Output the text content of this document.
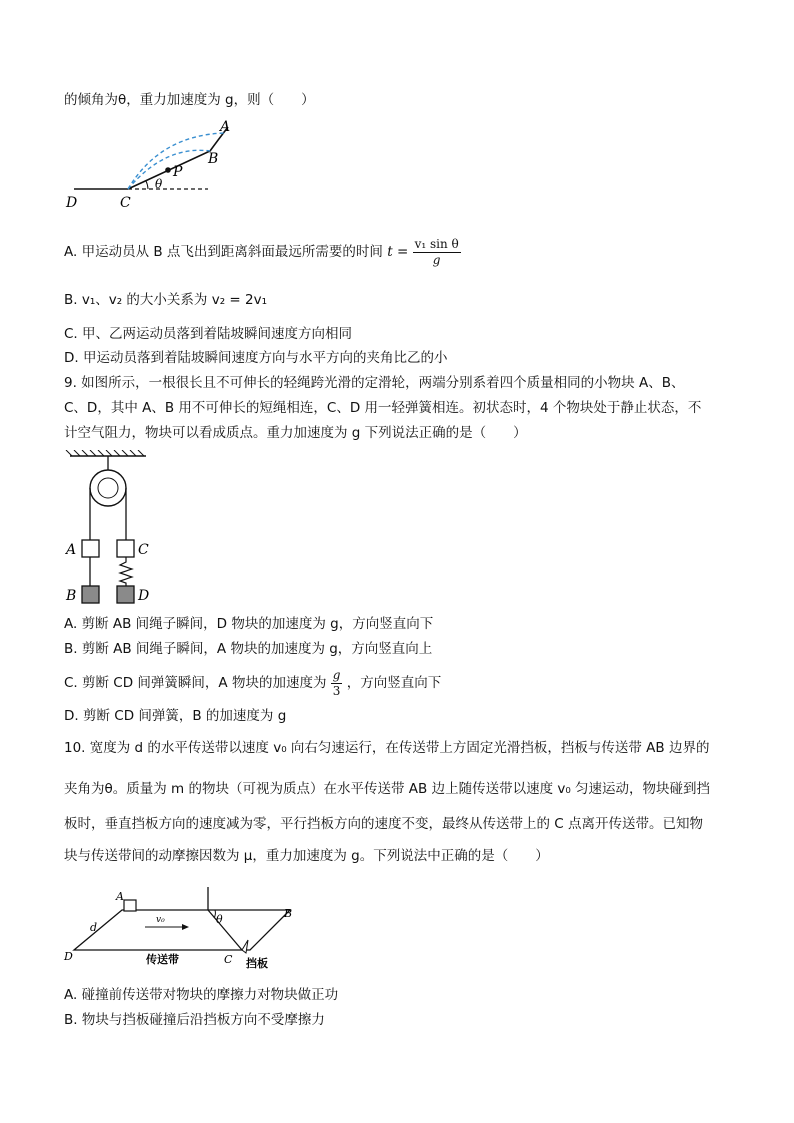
的倾角为θ，重力加速度为 g，则（　　）
A
B
P
θ
C
D
A. 甲运动员从 B 点飞出到距离斜面最远所需要的时间 $t = \frac{\text{v₁ sin θ}}{g}$
B. v₁、v₂ 的大小关系为 v₂ = 2v₁
C. 甲、乙两运动员落到着陆坡瞬间速度方向相同
D. 甲运动员落到着陆坡瞬间速度方向与水平方向的夹角比乙的小
9. 如图所示，一根很长且不可伸长的轻绳跨光滑的定滑轮，两端分别系着四个质量相同的小物块 A、B、
C、D，其中 A、B 用不可伸长的短绳相连，C、D 用一轻弹簧相连。初状态时，4 个物块处于静止状态，不
计空气阻力，物块可以看成质点。重力加速度为 g 下列说法正确的是（　　）
A	C
B	D
A. 剪断 AB 间绳子瞬间，D 物块的加速度为 g，方向竖直向下
B. 剪断 AB 间绳子瞬间，A 物块的加速度为 g，方向竖直向上
C. 剪断 CD 间弹簧瞬间，A 物块的加速度为 $\frac{g}{3}$ ，方向竖直向下
D. 剪断 CD 间弹簧，B 的加速度为 g
10. 宽度为 d 的水平传送带以速度 v₀ 向右匀速运行，在传送带上方固定光滑挡板，挡板与传送带 AB 边界的
夹角为θ。质量为 m 的物块（可视为质点）在水平传送带 AB 边上随传送带以速度 v₀ 匀速运动，物块碰到挡
板时，垂直挡板方向的速度减为零，平行挡板方向的速度不变，最终从传送带上的 C 点离开传送带。已知物
块与传送带间的动摩擦因数为 μ，重力加速度为 g。下列说法中正确的是（　　）
A
B
C
D
d
v₀	θ
传送带	挡板
A. 碰撞前传送带对物块的摩擦力对物块做正功
B. 物块与挡板碰撞后沿挡板方向不受摩擦力
